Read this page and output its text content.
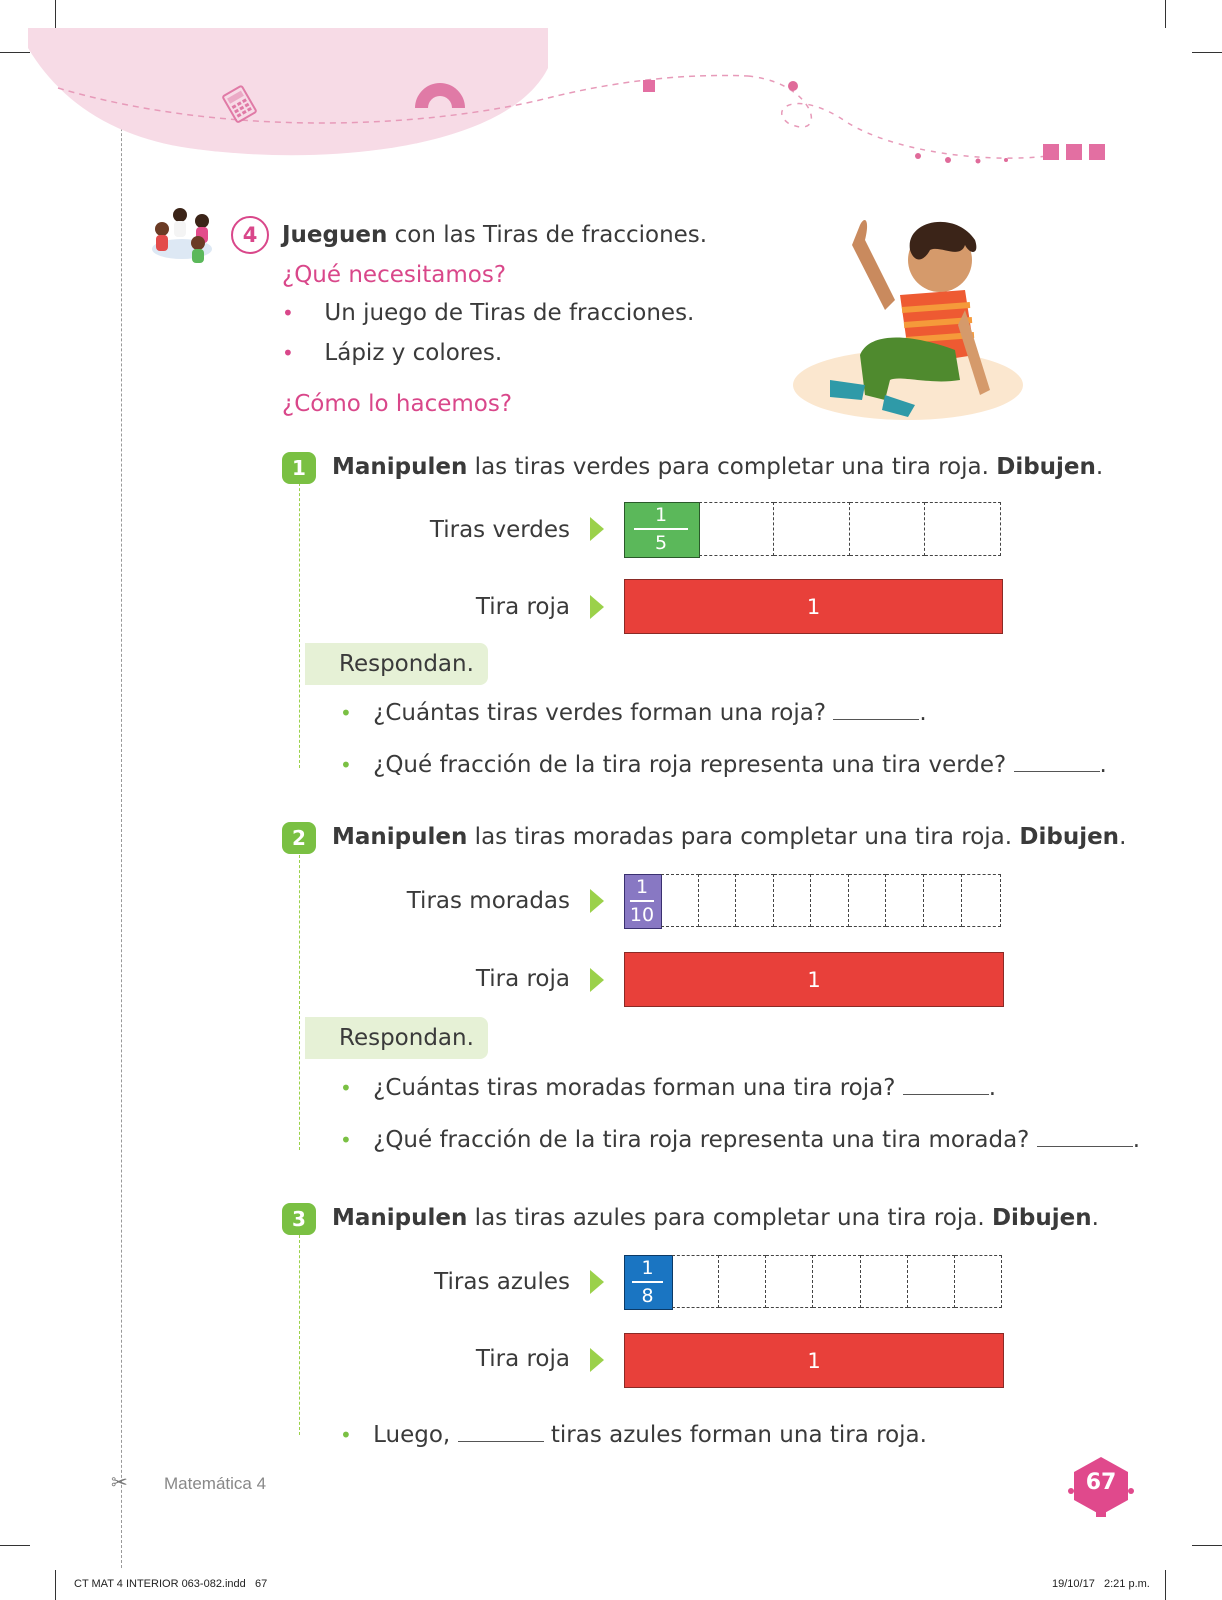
4	Jueguen con las Tiras de fracciones.
¿Qué necesitamos?
• Un juego de Tiras de fracciones.
• Lápiz y colores.
¿Cómo lo hacemos?
1	Manipulen las tiras verdes para completar una tira roja. Dibujen.
Tiras verdes
1
5
Tira roja	1
Respondan.
• ¿Cuántas tiras verdes forman una roja?	.
• ¿Qué fracción de la tira roja representa una tira verde?	.
2	Manipulen las tiras moradas para completar una tira roja. Dibujen.
Tiras moradas
1
10
Tira roja	1
Respondan.
• ¿Cuántas tiras moradas forman una tira roja?	.
• ¿Qué fracción de la tira roja representa una tira morada?	.
3	Manipulen las tiras azules para completar una tira roja. Dibujen.
Tiras azules
1
8
Tira roja	1
• Luego,	tiras azules forman una tira roja.
✂ Matemática 4	67
CT MAT 4 INTERIOR 063-082.indd   67	19/10/17   2:21 p.m.
